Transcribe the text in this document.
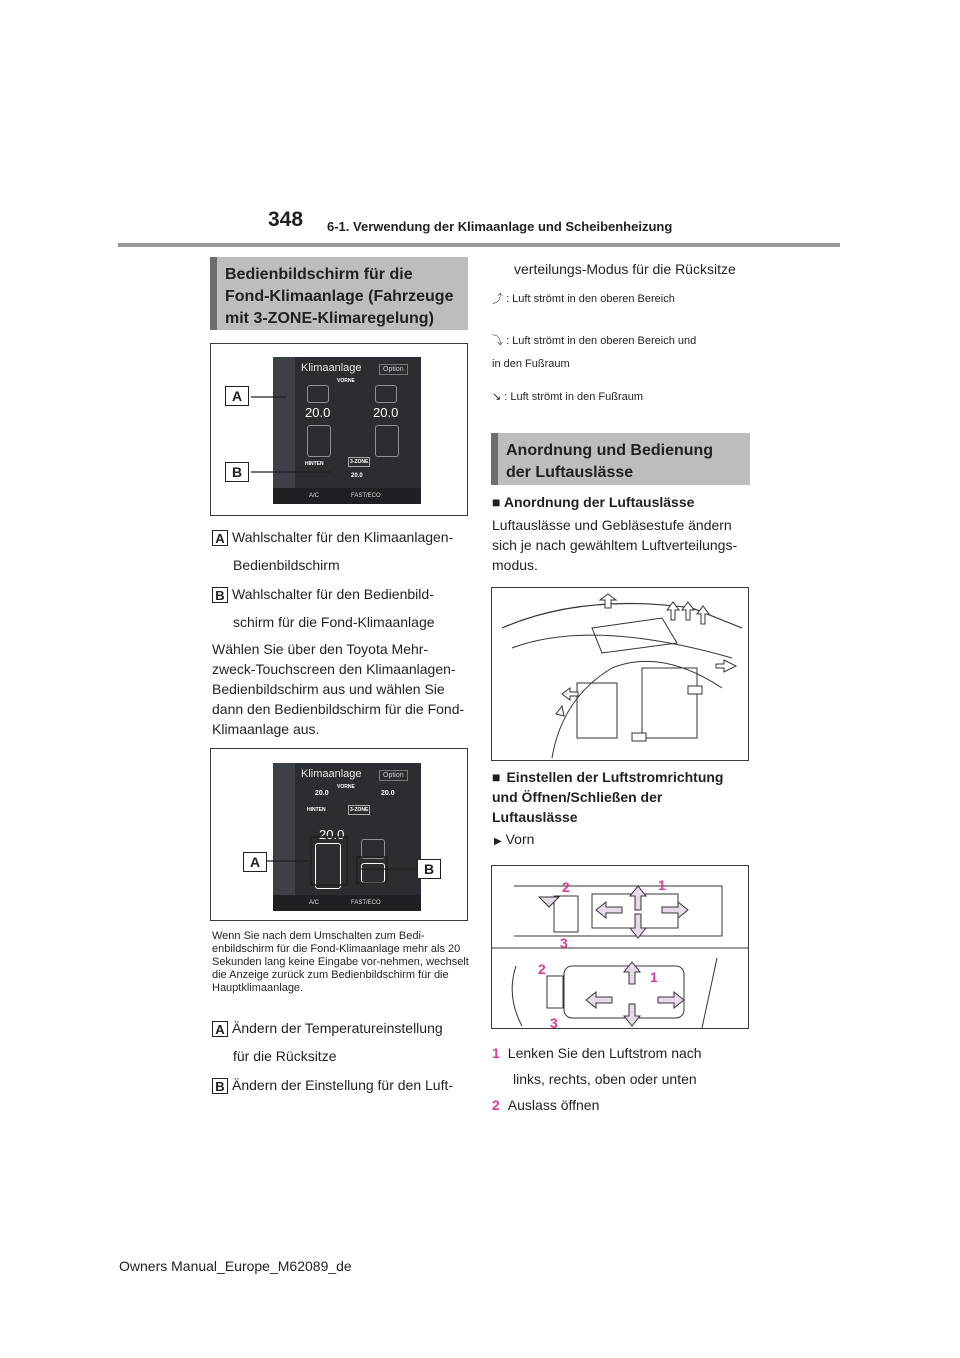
348 6-1. Verwendung der Klimaanlage und Scheibenheizung
Bedienbildschirm für die Fond-Klimaanlage (Fahrzeuge mit 3-ZONE-Klimaregelung)
Klimaanlage	Option
VORNE
20.0	20.0
HINTEN	3-ZONE
20.0
A/C	FAST/ECO
A
B
A Wahlschalter für den Klimaanlagen-
Bedienbildschirm
B Wahlschalter für den Bedienbild-
schirm für die Fond-Klimaanlage
Wählen Sie über den Toyota Mehr-zweck-Touchscreen den Klimaanlagen-Bedienbildschirm aus und wählen Sie dann den Bedienbildschirm für die Fond-Klimaanlage aus.
Klimaanlage	Option
VORNE
20.0	20.0
HINTEN	3-ZONE
20.0
A/C	FAST/ECO
A	B
Wenn Sie nach dem Umschalten zum Bedi-enbildschirm für die Fond-Klimaanlage mehr als 20 Sekunden lang keine Eingabe vor-nehmen, wechselt die Anzeige zurück zum Bedienbildschirm für die Hauptklimaanlage.
A Ändern der Temperatureinstellung
für die Rücksitze
B Ändern der Einstellung für den Luft-
verteilungs-Modus für die Rücksitze
⤴ : Luft strömt in den oberen Bereich
⤵ : Luft strömt in den oberen Bereich und
in den Fußraum
↘ : Luft strömt in den Fußraum
Anordnung und Bedienung der Luftauslässe
■ Anordnung der Luftauslässe
Luftauslässe und Gebläsestufe ändern sich je nach gewähltem Luftverteilungs-modus.
■ Einstellen der Luftstromrichtung und Öffnen/Schließen der Luftauslässe
▶ Vorn
2	1
3
2	1
3
1 Lenken Sie den Luftstrom nach
links, rechts, oben oder unten
2 Auslass öffnen
Owners Manual_Europe_M62089_de
